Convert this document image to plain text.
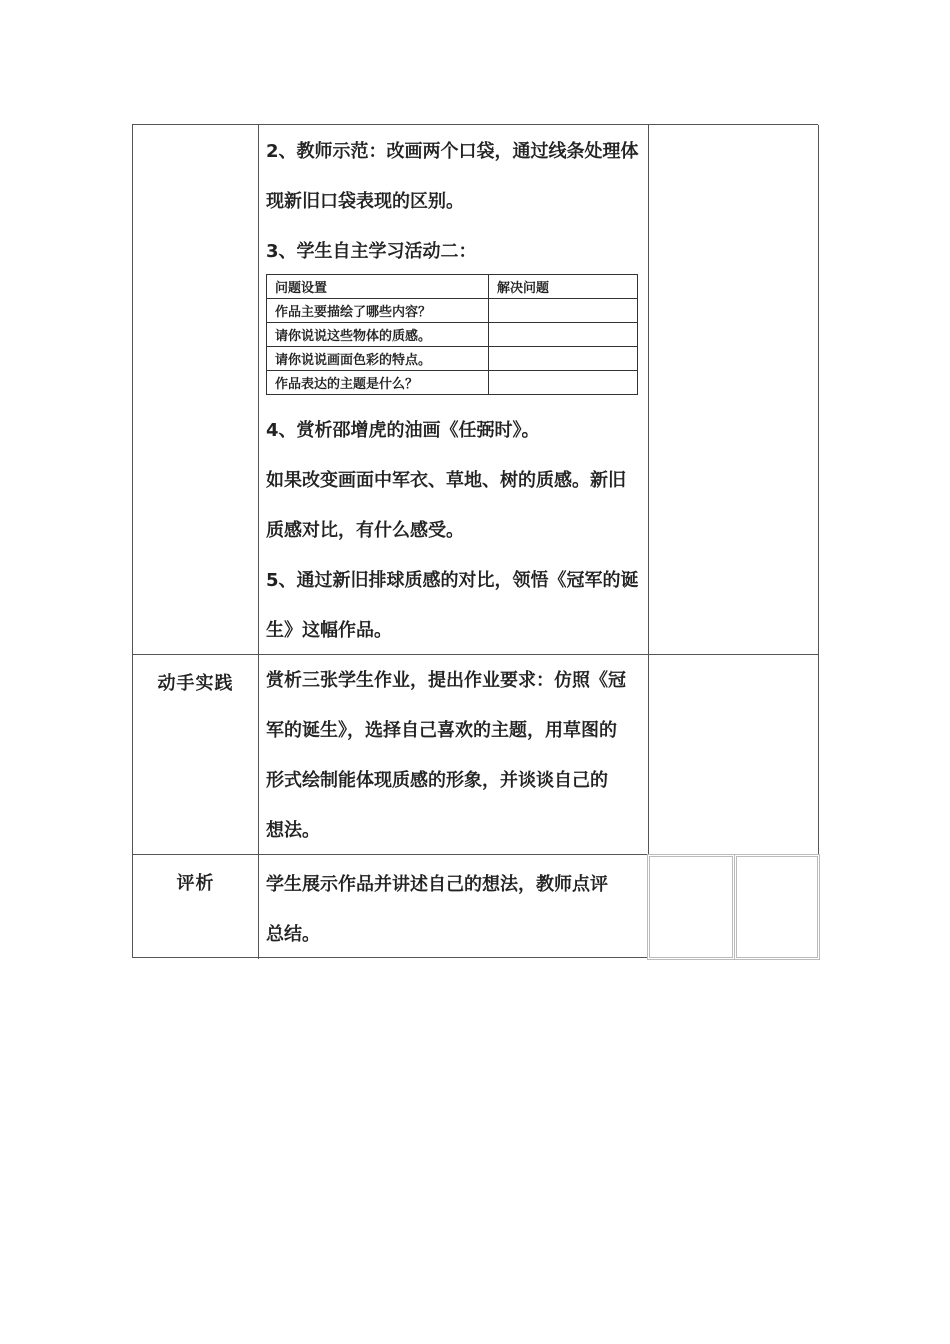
2、教师示范：改画两个口袋，通过线条处理体
现新旧口袋表现的区别。
3、学生自主学习活动二：
问题设置	解决问题
作品主要描绘了哪些内容？	
请你说说这些物体的质感。	
请你说说画面色彩的特点。	
作品表达的主题是什么？	
4、赏析邵增虎的油画《任弼时》。
如果改变画面中军衣、草地、树的质感。新旧
质感对比，有什么感受。
5、通过新旧排球质感的对比，领悟《冠军的诞
生》这幅作品。
动手实践	赏析三张学生作业，提出作业要求：仿照《冠
军的诞生》，选择自己喜欢的主题，用草图的
形式绘制能体现质感的形象，并谈谈自己的
想法。
评析	学生展示作品并讲述自己的想法，教师点评
总结。
